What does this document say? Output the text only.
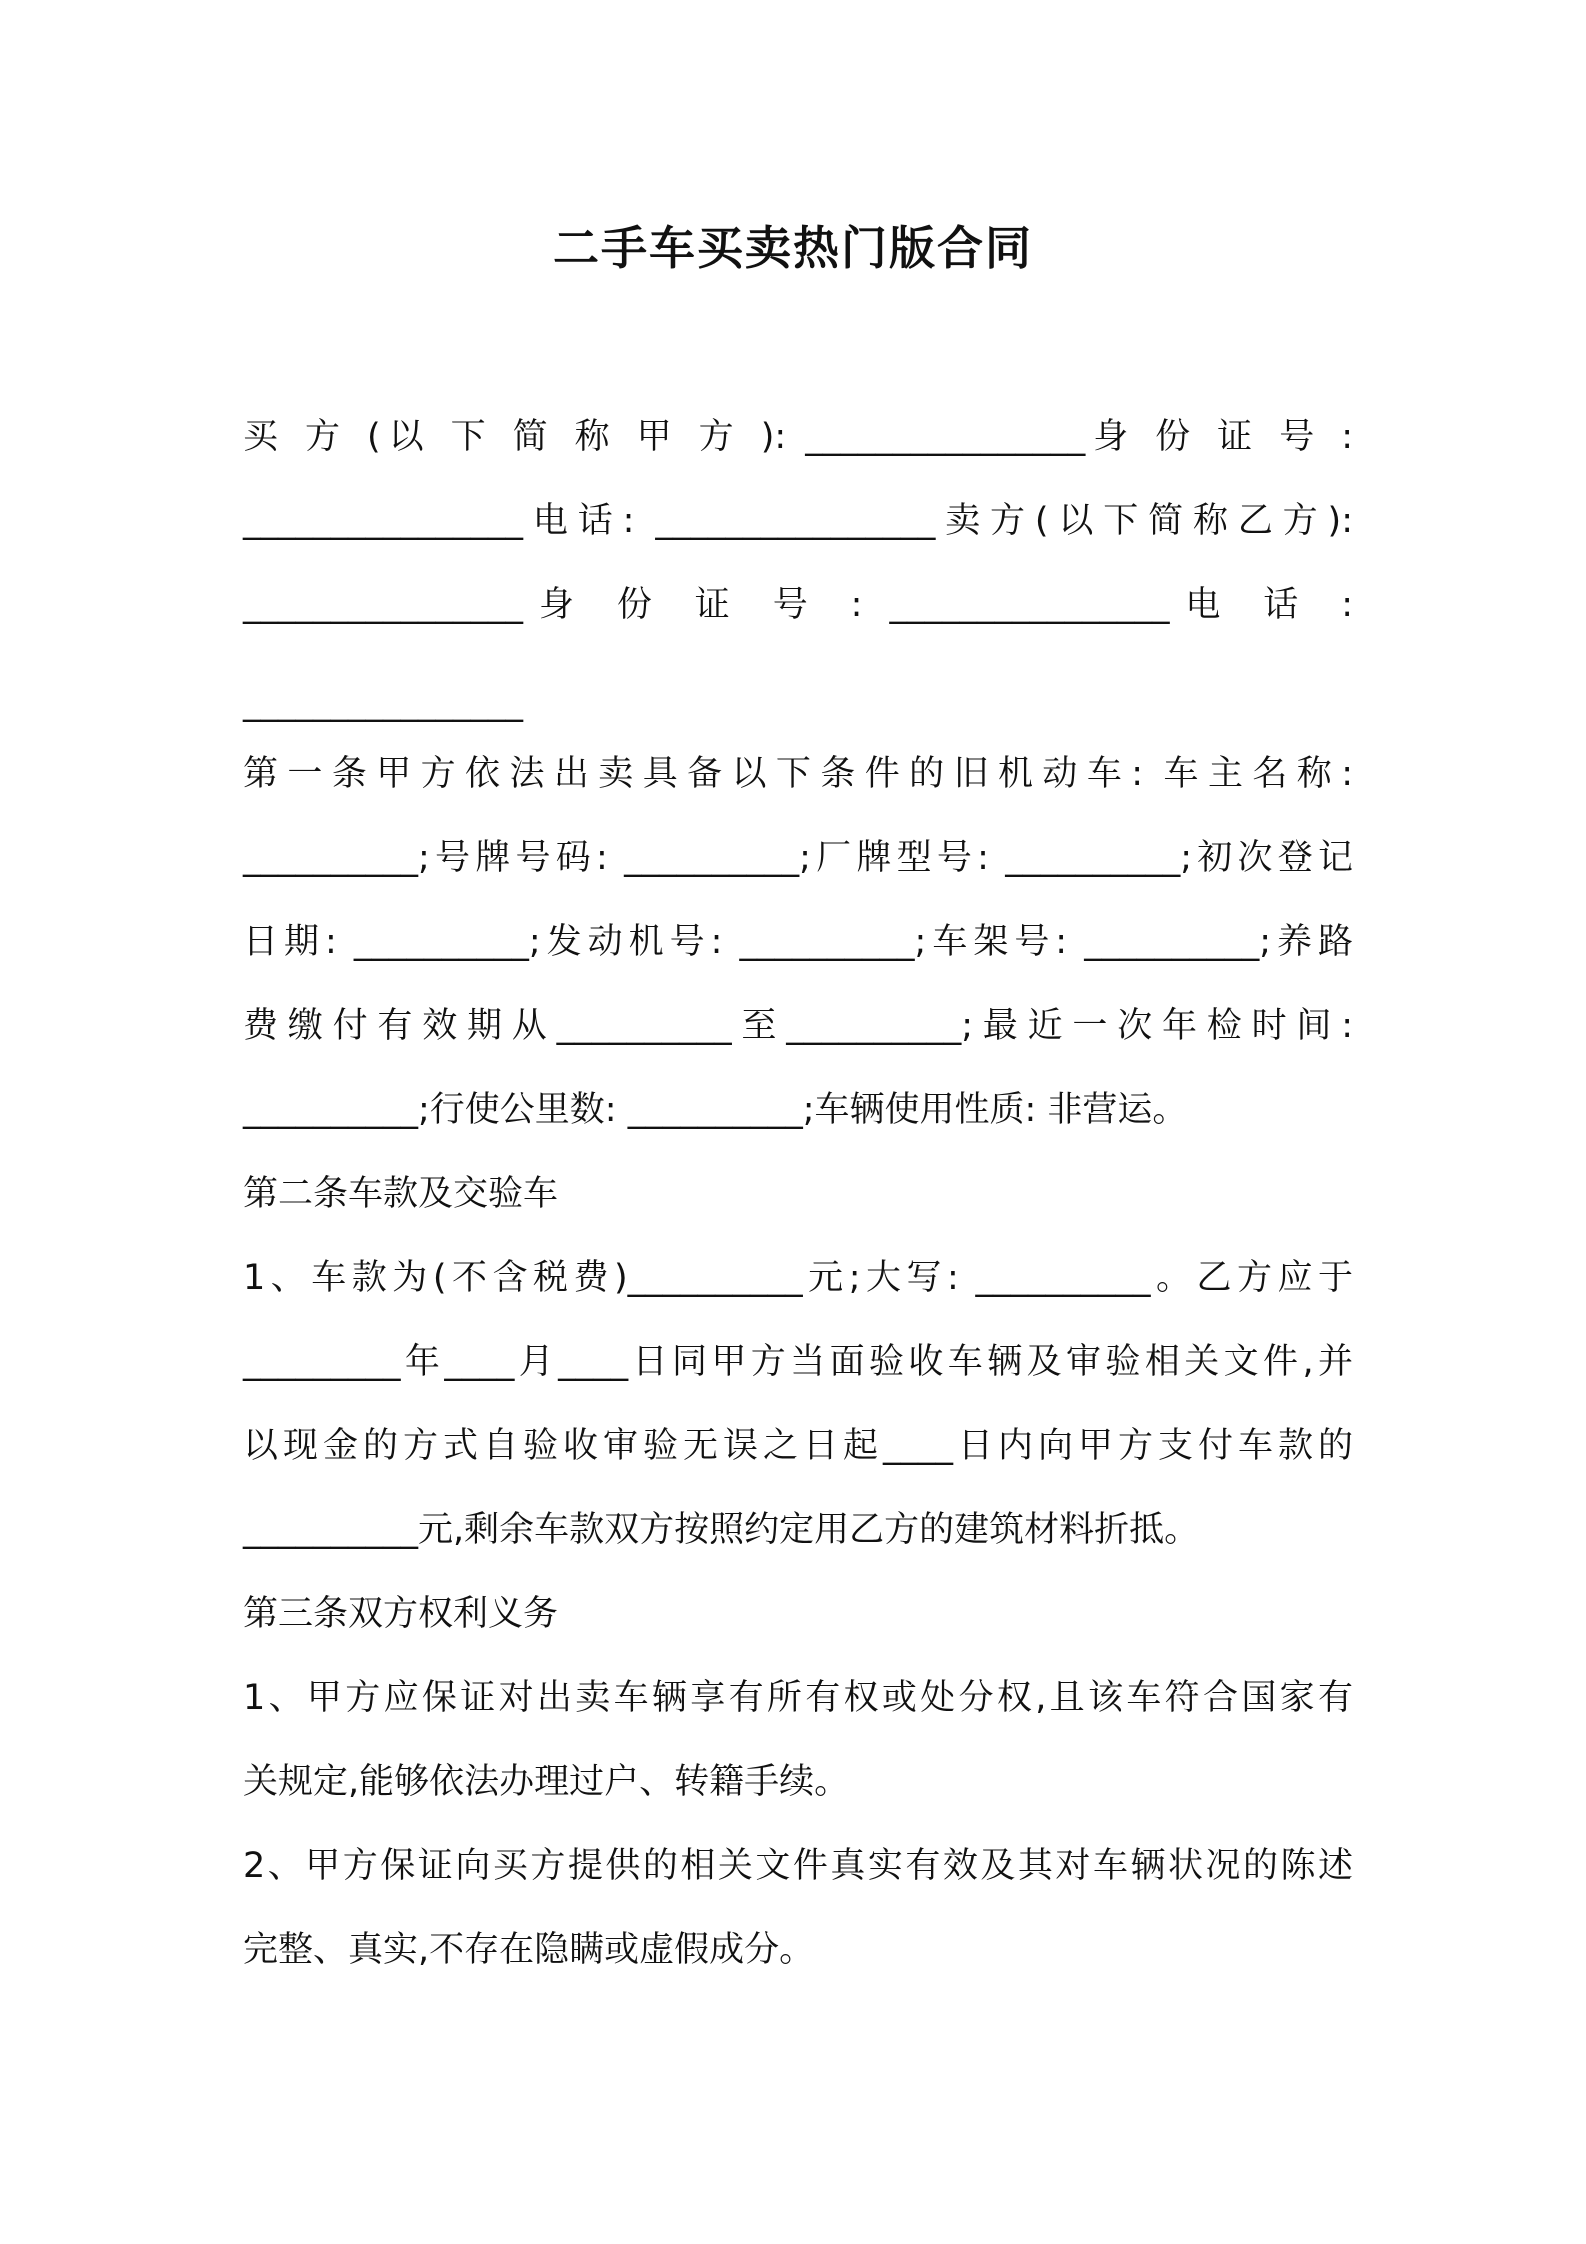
二手车买卖热门版合同
买 方 (以 下 简 称 甲 方 ): ________________身 份 证 号 :
________________电话: ________________卖方(以下简称乙方):
________________身 份 证 号 : ________________电 话 :
________________
第一条甲方依法出卖具备以下条件的旧机动车: 车主名称:
__________;号牌号码: __________;厂牌型号: __________;初次登记
日期: __________;发动机号: __________;车架号: __________;养路
费缴付有效期从__________至__________;最近一次年检时间:
__________;行使公里数: __________;车辆使用性质: 非营运。
第二条车款及交验车
1、车款为(不含税费)__________元;大写: __________。乙方应于
_________年____月____日同甲方当面验收车辆及审验相关文件,并
以现金的方式自验收审验无误之日起____日内向甲方支付车款的
__________元,剩余车款双方按照约定用乙方的建筑材料折抵。
第三条双方权利义务
1、甲方应保证对出卖车辆享有所有权或处分权,且该车符合国家有
关规定,能够依法办理过户、转籍手续。
2、甲方保证向买方提供的相关文件真实有效及其对车辆状况的陈述
完整、真实,不存在隐瞒或虚假成分。
